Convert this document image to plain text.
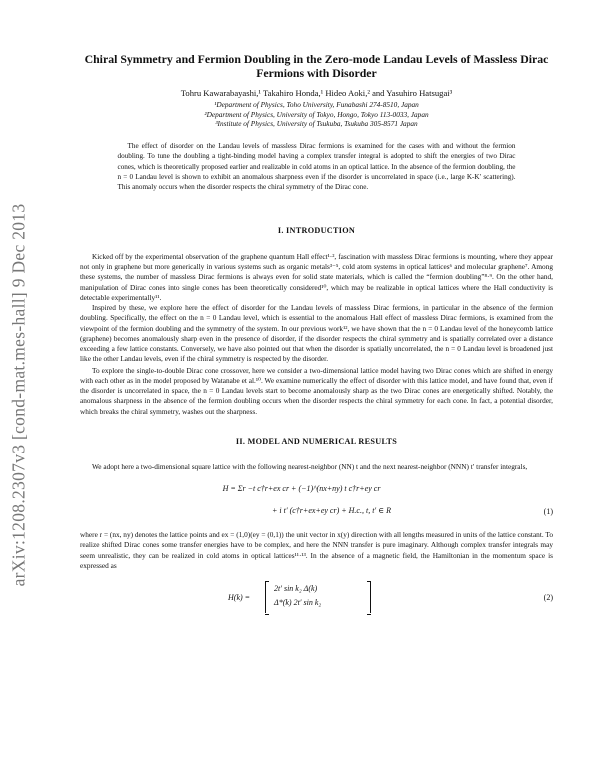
arXiv:1208.2307v3 [cond-mat.mes-hall] 9 Dec 2013
Chiral Symmetry and Fermion Doubling in the Zero-mode Landau Levels of Massless Dirac Fermions with Disorder
Tohru Kawarabayashi,¹ Takahiro Honda,¹ Hideo Aoki,² and Yasuhiro Hatsugai³
¹Department of Physics, Toho University, Funabashi 274-8510, Japan
²Department of Physics, University of Tokyo, Hongo, Tokyo 113-0033, Japan
³Institute of Physics, University of Tsukuba, Tsukuba 305-8571 Japan

The effect of disorder on the Landau levels of massless Dirac fermions is examined for the cases with and without the fermion doubling. To tune the doubling a tight-binding model having a complex transfer integral is adopted to shift the energies of two Dirac cones, which is theoretically proposed earlier and realizable in cold atoms in an optical lattice. In the absence of the fermion doubling, the n = 0 Landau level is shown to exhibit an anomalous sharpness even if the disorder is uncorrelated in space (i.e., large K-K′ scattering). This anomaly occurs when the disorder respects the chiral symmetry of the Dirac cone.

I. INTRODUCTION

Kicked off by the experimental observation of the graphene quantum Hall effect¹·², fascination with massless Dirac fermions is mounting, where they appear not only in graphene but more generically in various systems such as organic metals³⁻⁵, cold atom systems in optical lattices⁶ and molecular graphene⁷. Among these systems, the number of massless Dirac fermions is always even for solid state materials, which is called the “fermion doubling”⁸·⁹. On the other hand, manipulation of Dirac cones into single cones has been theoretically considered¹⁰, which may be realizable in optical lattices where the Hall conductivity is detectable experimentally¹¹.

Inspired by these, we explore here the effect of disorder for the Landau levels of massless Dirac fermions, in particular in the absence of the fermion doubling. Specifically, the effect on the n = 0 Landau level, which is essential to the anomalous Hall effect of massless Dirac fermions, is examined from the viewpoint of the fermion doubling and the symmetry of the system. In our previous work¹², we have shown that the n = 0 Landau level of the honeycomb lattice (graphene) becomes anomalously sharp even in the presence of disorder, if the disorder respects the chiral symmetry and is spatially correlated over a distance exceeding a few lattice constants. Conversely, we have also pointed out that when the disorder is spatially uncorrelated, the n = 0 Landau level is broadened just like the other Landau levels, even if the chiral symmetry is respected by the disorder.

To explore the single-to-double Dirac cone crossover, here we consider a two-dimensional lattice model having two Dirac cones which are shifted in energy with each other as in the model proposed by Watanabe et al.¹⁰. We examine numerically the effect of disorder with this lattice model, and have found that, even if the disorder is uncorrelated in space, the n = 0 Landau levels start to become anomalously sharp as the two Dirac cones are energetically shifted. Notably, the anomalous sharpness in the absence of the fermion doubling occurs when the disorder respects the chiral symmetry for each cone. In fact, a potential disorder, which breaks the chiral symmetry, washes out the sharpness.

II. MODEL AND NUMERICAL RESULTS

We adopt here a two-dimensional square lattice with the following nearest-neighbor (NN) t and the next nearest-neighbor (NNN) t′ transfer integrals,

H = Σr −t c†r+ex cr + (−1)^(nx+ny) t c†r+ey cr
+ i t′ (c†r+ex+ey cr) + H.c., t, t′ ∈ R	(1)

where r = (nx, ny) denotes the lattice points and ex = (1,0)(ey = (0,1)) the unit vector in x(y) direction with all lengths measured in units of the lattice constant. To realize shifted Dirac cones some transfer energies have to be complex, and here the NNN transfer is pure imaginary. Although complex transfer integrals may seem unrealistic, they can be realized in cold atoms in optical lattices¹¹·¹³. In the absence of a magnetic field, the Hamiltonian in the momentum space is expressed as

H(k) =
2t′ sin k₂ Δ(k)
Δ*(k) 2t′ sin k₂
(2)
